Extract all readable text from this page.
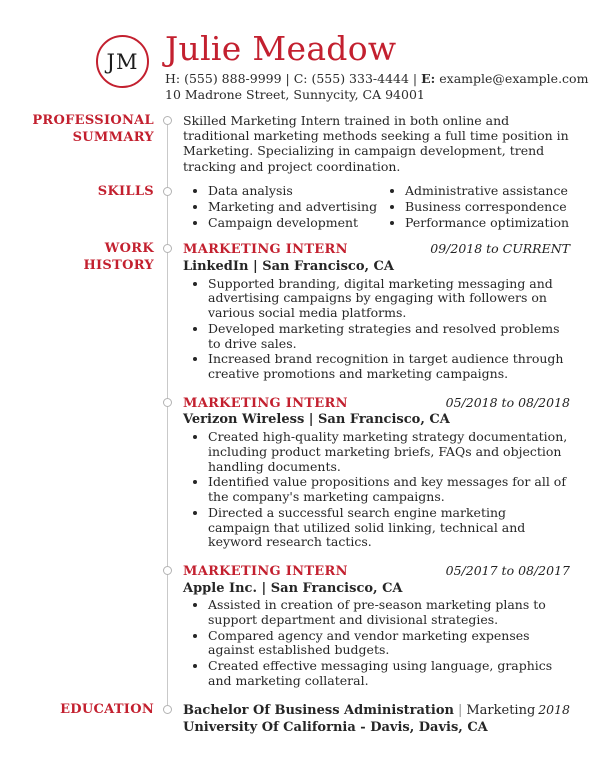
JM Julie Meadow
H: (555) 888-9999 | C: (555) 333-4444 | E: example@example.com
10 Madrone Street, Sunnycity, CA 94001
PROFESSIONAL
SUMMARY

Skilled Marketing Intern trained in both online and traditional marketing methods seeking a full time position in Marketing. Specializing in campaign development, trend tracking and project coordination.

SKILLS	• Data analysis
• Marketing and advertising
• Campaign development
• Administrative assistance
• Business correspondence
• Performance optimization
WORK HISTORY
MARKETING INTERN	09/2018 to CURRENT
LinkedIn | San Francisco, CA
• Supported branding, digital marketing messaging and advertising campaigns by engaging with followers on various social media platforms.
• Developed marketing strategies and resolved problems to drive sales.
• Increased brand recognition in target audience through creative promotions and marketing campaigns.
MARKETING INTERN	05/2018 to 08/2018
Verizon Wireless | San Francisco, CA
• Created high-quality marketing strategy documentation, including product marketing briefs, FAQs and objection handling documents.
• Identified value propositions and key messages for all of the company's marketing campaigns.
• Directed a successful search engine marketing campaign that utilized solid linking, technical and keyword research tactics.
MARKETING INTERN	05/2017 to 08/2017
Apple Inc. | San Francisco, CA
• Assisted in creation of pre-season marketing plans to support department and divisional strategies.
• Compared agency and vendor marketing expenses against established budgets.
• Created effective messaging using language, graphics and marketing collateral.
EDUCATION Bachelor Of Business Administration | Marketing 2018
University Of California - Davis, Davis, CA
